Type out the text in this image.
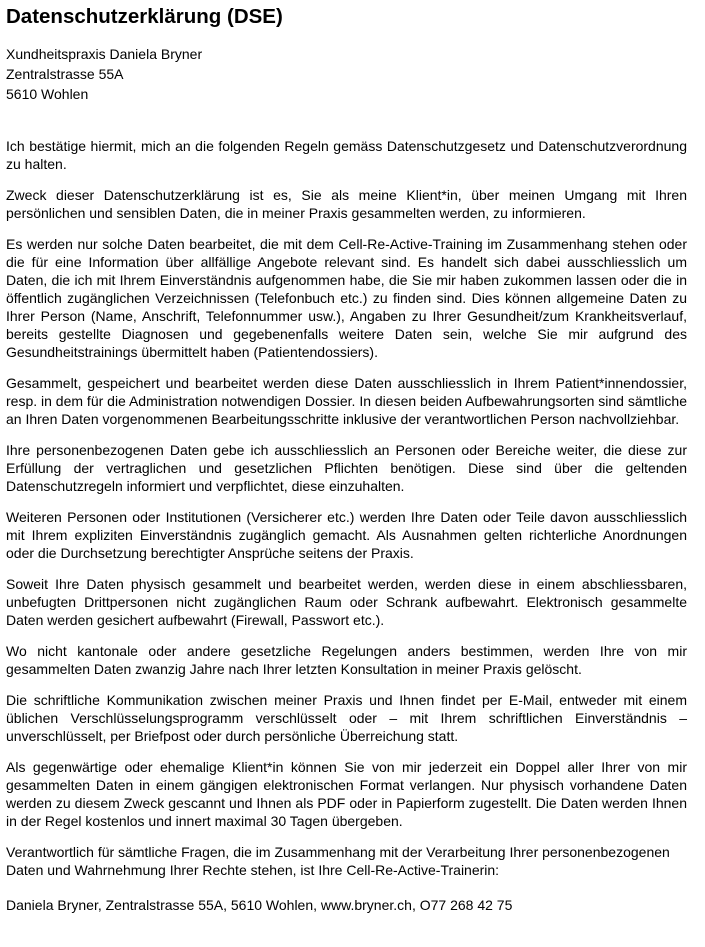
Datenschutzerklärung (DSE)
Xundheitspraxis Daniela Bryner
Zentralstrasse 55A
5610 Wohlen

Ich bestätige hiermit, mich an die folgenden Regeln gemäss Datenschutzgesetz und Datenschutzverordnung zu halten.

Zweck dieser Datenschutzerklärung ist es, Sie als meine Klient*in, über meinen Umgang mit Ihren persönlichen und sensiblen Daten, die in meiner Praxis gesammelten werden, zu informieren.

Es werden nur solche Daten bearbeitet, die mit dem Cell-Re-Active-Training im Zusammenhang stehen oder die für eine Information über allfällige Angebote relevant sind. Es handelt sich dabei ausschliesslich um Daten, die ich mit Ihrem Einverständnis aufgenommen habe, die Sie mir haben zukommen lassen oder die in öffentlich zugänglichen Verzeichnissen (Telefonbuch etc.) zu finden sind. Dies können allgemeine Daten zu Ihrer Person (Name, Anschrift, Telefonnummer usw.), Angaben zu Ihrer Gesundheit/zum Krankheitsverlauf, bereits gestellte Diagnosen und gegebenenfalls weitere Daten sein, welche Sie mir aufgrund des Gesundheitstrainings übermittelt haben (Patientendossiers).

Gesammelt, gespeichert und bearbeitet werden diese Daten ausschliesslich in Ihrem Patient*innendossier, resp. in dem für die Administration notwendigen Dossier. In diesen beiden Aufbewahrungsorten sind sämtliche an Ihren Daten vorgenommenen Bearbeitungsschritte inklusive der verantwortlichen Person nachvollziehbar.

Ihre personenbezogenen Daten gebe ich ausschliesslich an Personen oder Bereiche weiter, die diese zur Erfüllung der vertraglichen und gesetzlichen Pflichten benötigen. Diese sind über die geltenden Datenschutzregeln informiert und verpflichtet, diese einzuhalten.

Weiteren Personen oder Institutionen (Versicherer etc.) werden Ihre Daten oder Teile davon ausschliesslich mit Ihrem expliziten Einverständnis zugänglich gemacht. Als Ausnahmen gelten richterliche Anordnungen oder die Durchsetzung berechtigter Ansprüche seitens der Praxis.

Soweit Ihre Daten physisch gesammelt und bearbeitet werden, werden diese in einem abschliessbaren, unbefugten Drittpersonen nicht zugänglichen Raum oder Schrank aufbewahrt. Elektronisch gesammelte Daten werden gesichert aufbewahrt (Firewall, Passwort etc.).

Wo nicht kantonale oder andere gesetzliche Regelungen anders bestimmen, werden Ihre von mir gesammelten Daten zwanzig Jahre nach Ihrer letzten Konsultation in meiner Praxis gelöscht.

Die schriftliche Kommunikation zwischen meiner Praxis und Ihnen findet per E-Mail, entweder mit einem üblichen Verschlüsselungsprogramm verschlüsselt oder – mit Ihrem schriftlichen Einverständnis – unverschlüsselt, per Briefpost oder durch persönliche Überreichung statt.

Als gegenwärtige oder ehemalige Klient*in können Sie von mir jederzeit ein Doppel aller Ihrer von mir gesammelten Daten in einem gängigen elektronischen Format verlangen. Nur physisch vorhandene Daten werden zu diesem Zweck gescannt und Ihnen als PDF oder in Papierform zugestellt. Die Daten werden Ihnen in der Regel kostenlos und innert maximal 30 Tagen übergeben.

Verantwortlich für sämtliche Fragen, die im Zusammenhang mit der Verarbeitung Ihrer personenbezogenen Daten und Wahrnehmung Ihrer Rechte stehen, ist Ihre Cell-Re-Active-Trainerin:

Daniela Bryner, Zentralstrasse 55A, 5610 Wohlen, www.bryner.ch, O77 268 42 75
